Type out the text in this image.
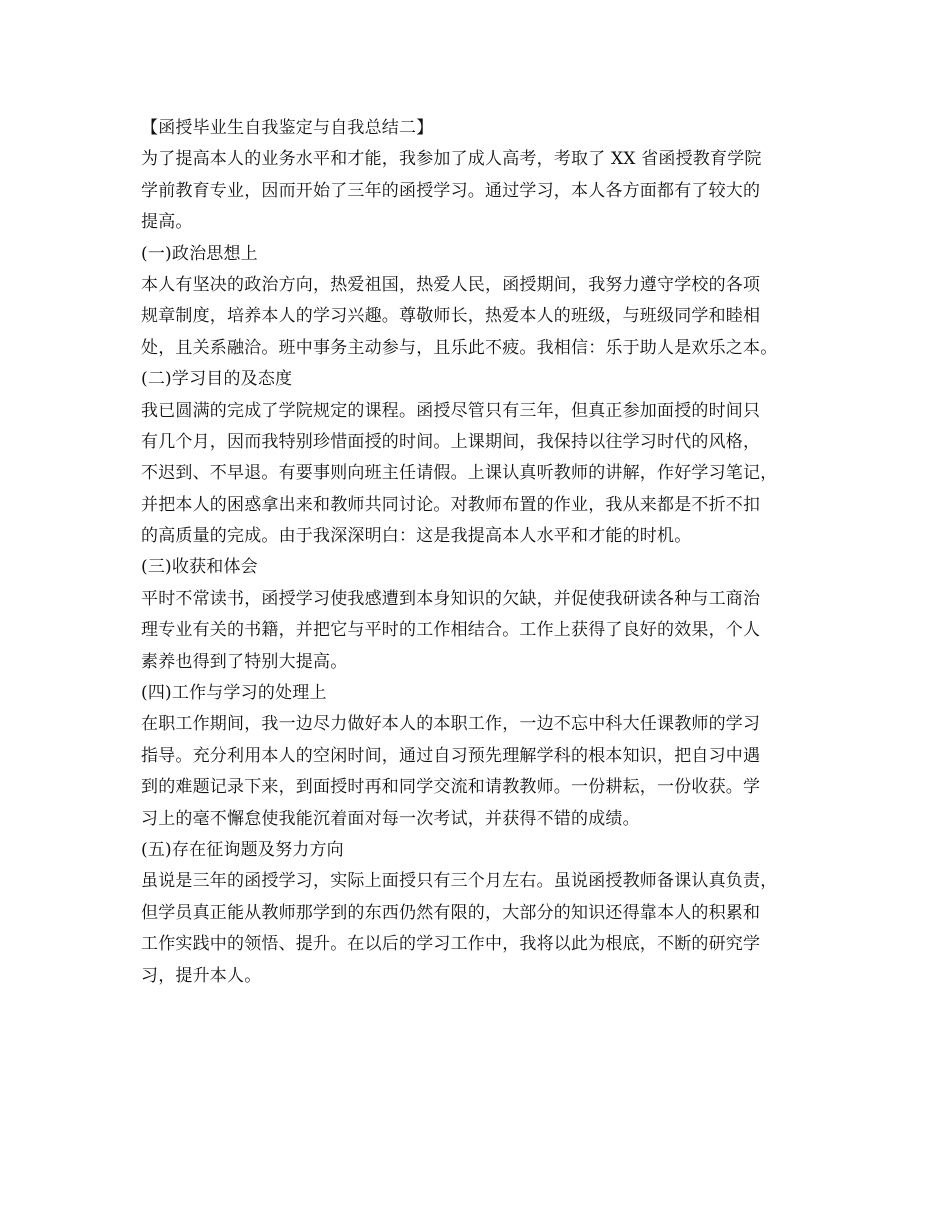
【函授毕业生自我鉴定与自我总结二】
为了提高本人的业务水平和才能，我参加了成人高考，考取了 XX 省函授教育学院
学前教育专业，因而开始了三年的函授学习。通过学习，本人各方面都有了较大的
提高。
(一)政治思想上
本人有坚决的政治方向，热爱祖国，热爱人民，函授期间，我努力遵守学校的各项
规章制度，培养本人的学习兴趣。尊敬师长，热爱本人的班级，与班级同学和睦相
处，且关系融洽。班中事务主动参与，且乐此不疲。我相信：乐于助人是欢乐之本。
(二)学习目的及态度
我已圆满的完成了学院规定的课程。函授尽管只有三年，但真正参加面授的时间只
有几个月，因而我特别珍惜面授的时间。上课期间，我保持以往学习时代的风格，
不迟到、不早退。有要事则向班主任请假。上课认真听教师的讲解，作好学习笔记，
并把本人的困惑拿出来和教师共同讨论。对教师布置的作业，我从来都是不折不扣
的高质量的完成。由于我深深明白：这是我提高本人水平和才能的时机。
(三)收获和体会
平时不常读书，函授学习使我感遭到本身知识的欠缺，并促使我研读各种与工商治
理专业有关的书籍，并把它与平时的工作相结合。工作上获得了良好的效果，个人
素养也得到了特别大提高。
(四)工作与学习的处理上
在职工作期间，我一边尽力做好本人的本职工作，一边不忘中科大任课教师的学习
指导。充分利用本人的空闲时间，通过自习预先理解学科的根本知识，把自习中遇
到的难题记录下来，到面授时再和同学交流和请教教师。一份耕耘，一份收获。学
习上的毫不懈怠使我能沉着面对每一次考试，并获得不错的成绩。
(五)存在征询题及努力方向
虽说是三年的函授学习，实际上面授只有三个月左右。虽说函授教师备课认真负责，
但学员真正能从教师那学到的东西仍然有限的，大部分的知识还得靠本人的积累和
工作实践中的领悟、提升。在以后的学习工作中，我将以此为根底，不断的研究学
习，提升本人。
